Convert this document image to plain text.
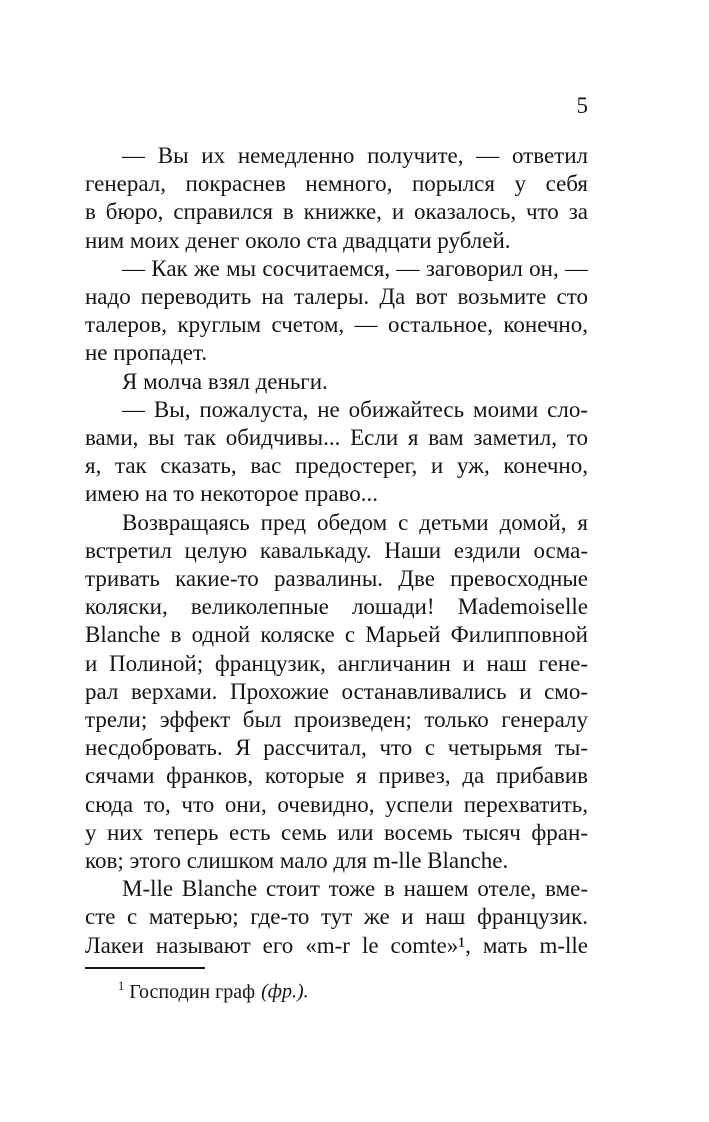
5
— Вы их немедленно получите, — ответил
генерал, покраснев немного, порылся у себя
в бюро, справился в книжке, и оказалось, что за
ним моих денег около ста двадцати рублей.
— Как же мы сосчитаемся, — заговорил он, —
надо переводить на талеры. Да вот возьмите сто
талеров, круглым счетом, — остальное, конечно,
не пропадет.
Я молча взял деньги.
— Вы, пожалуста, не обижайтесь моими сло-
вами, вы так обидчивы... Если я вам заметил, то
я, так сказать, вас предостерег, и уж, конечно,
имею на то некоторое право...
Возвращаясь пред обедом с детьми домой, я
встретил целую кавалькаду. Наши ездили осма-
тривать какие-то развалины. Две превосходные
коляски, великолепные лошади! Mademoiselle
Blanche в одной коляске с Марьей Филипповной
и Полиной; французик, англичанин и наш гене-
рал верхами. Прохожие останавливались и смо-
трели; эффект был произведен; только генералу
несдобровать. Я рассчитал, что с четырьмя ты-
сячами франков, которые я привез, да прибавив
сюда то, что они, очевидно, успели перехватить,
у них теперь есть семь или восемь тысяч фран-
ков; этого слишком мало для m-lle Blanche.
M-lle Blanche стоит тоже в нашем отеле, вме-
сте с матерью; где-то тут же и наш французик.
Лакеи называют его «m-r le comte»¹, мать m-lle
$^1$ Господин граф (фр.).
